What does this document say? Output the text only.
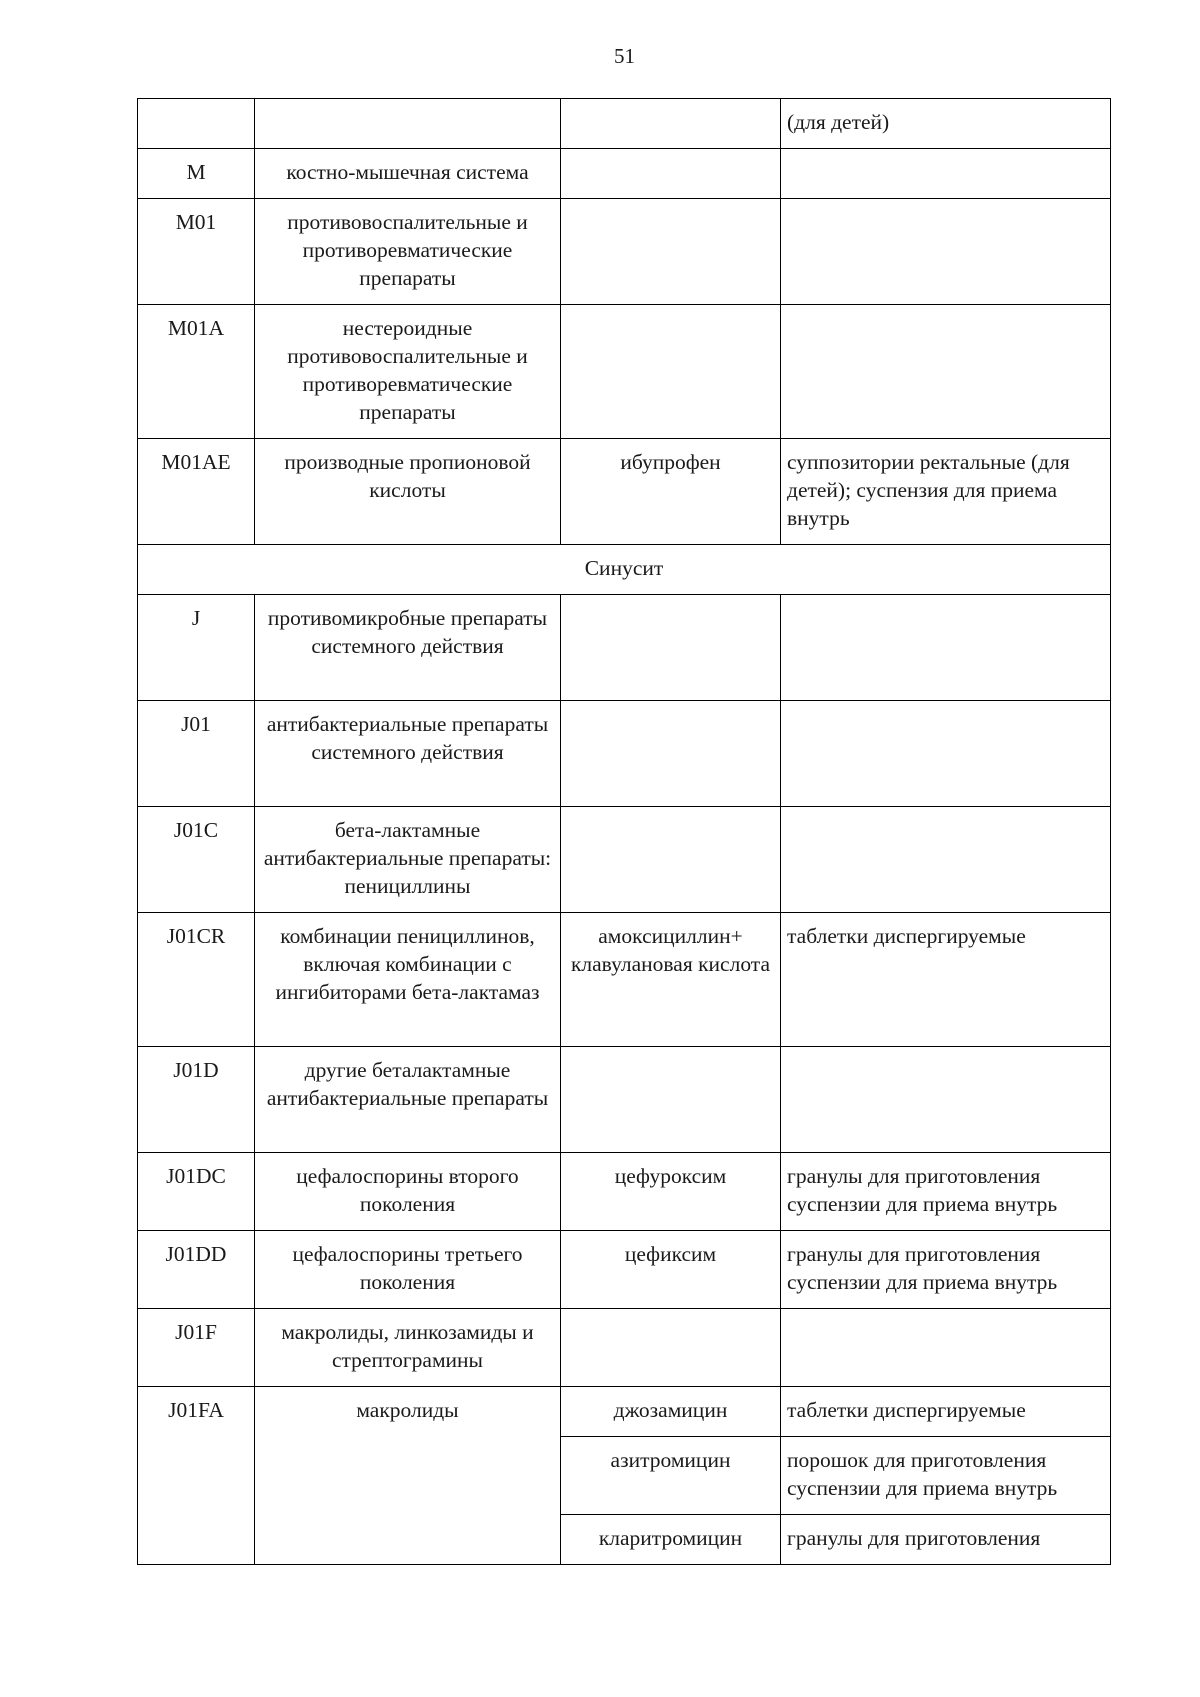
51
			(для детей)
M	костно-мышечная система		
M01	противовоспалительные и противоревматические препараты		
M01A	нестероидные противовоспалительные и противоревматические препараты		
M01AE	производные пропионовой кислоты	ибупрофен	суппозитории ректальные (для детей); суспензия для приема внутрь
Синусит			
J	противомикробные препараты системного действия		
J01	антибактериальные препараты системного действия		
J01C	бета-лактамные антибактериальные препараты: пенициллины		
J01CR	комбинации пенициллинов, включая комбинации с ингибиторами бета-лактамаз	амоксициллин+ клавулановая кислота	таблетки диспергируемые
J01D	другие беталактамные антибактериальные препараты		
J01DC	цефалоспорины второго поколения	цефуроксим	гранулы для приготовления суспензии для приема внутрь
J01DD	цефалоспорины третьего поколения	цефиксим	гранулы для приготовления суспензии для приема внутрь
J01F	макролиды, линкозамиды и стрептограмины		
J01FA	макролиды	джозамицин	таблетки диспергируемые
		азитромицин	порошок для приготовления суспензии для приема внутрь
		кларитромицин	гранулы для приготовления
